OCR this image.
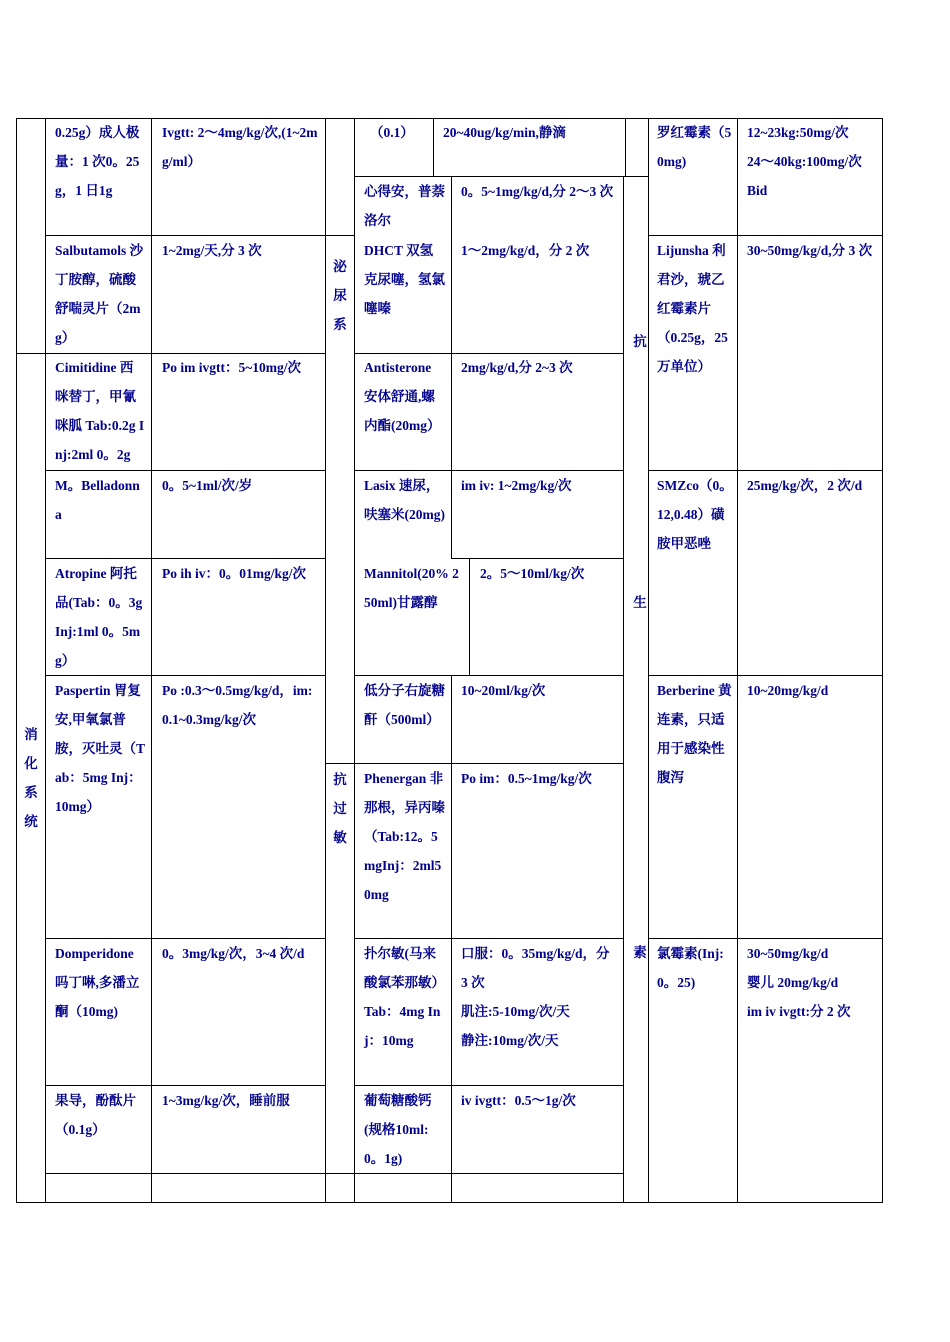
消化系统
泌尿系
抗过敏
抗
生
素
0.25g）成人极量：1 次0。25g，1 日1g
Ivgtt: 2〜4mg/kg/次,(1~2mg/ml）
Salbutamols 沙丁胺醇，硫酸舒喘灵片（2mg）
1~2mg/天,分 3 次
Cimitidine 西咪替丁，甲氰咪胍 Tab:0.2g Inj:2ml 0。2g
Po im ivgtt：5~10mg/次
M。Belladonna
0。5~1ml/次/岁
Atropine 阿托品(Tab：0。3g Inj:1ml 0。5mg）
Po ih iv：0。01mg/kg/次
Paspertin 胃复安,甲氧氯普胺，灭吐灵（Tab：5mg Inj：10mg）
Po :0.3〜0.5mg/kg/d，im:0.1~0.3mg/kg/次
Domperidone 吗丁啉,多潘立酮（10mg)
0。3mg/kg/次，3~4 次/d
果导，酚酞片（0.1g）
1~3mg/kg/次，睡前服
（0.1）	20~40ug/kg/min,静滴
心得安，普萘洛尔
0。5~1mg/kg/d,分 2〜3 次
DHCT 双氢克尿噻，氢氯噻嗪
1〜2mg/kg/d，分 2 次
Antisterone 安体舒通,螺内酯(20mg）
2mg/kg/d,分 2~3 次
Lasix 速尿，呋塞米(20mg)
im iv: 1~2mg/kg/次
Mannitol(20% 250ml)甘露醇
2。5〜10ml/kg/次
低分子右旋糖酐（500ml）
10~20ml/kg/次
Phenergan 非那根，异丙嗪（Tab:12。5mgInj：2ml50mg
Po im：0.5~1mg/kg/次
扑尔敏(马来酸氯苯那敏）Tab：4mg Inj：10mg
口服：0。35mg/kg/d，分 3 次
肌注:5-10mg/次/天
静注:10mg/次/天
葡萄糖酸钙(规格10ml:0。1g)
iv ivgtt：0.5〜1g/次
罗红霉素（50mg)
12~23kg:50mg/次
24〜40kg:100mg/次
Bid
Lijunsha 利君沙，琥乙红霉素片（0.25g，25 万单位）
30~50mg/kg/d,分 3 次
SMZco（0。12,0.48）磺胺甲恶唑
25mg/kg/次，2 次/d
Berberine 黄连素，只适用于感染性腹泻
10~20mg/kg/d
氯霉素(Inj:0。25)
30~50mg/kg/d
婴儿 20mg/kg/d
im iv ivgtt:分 2 次
